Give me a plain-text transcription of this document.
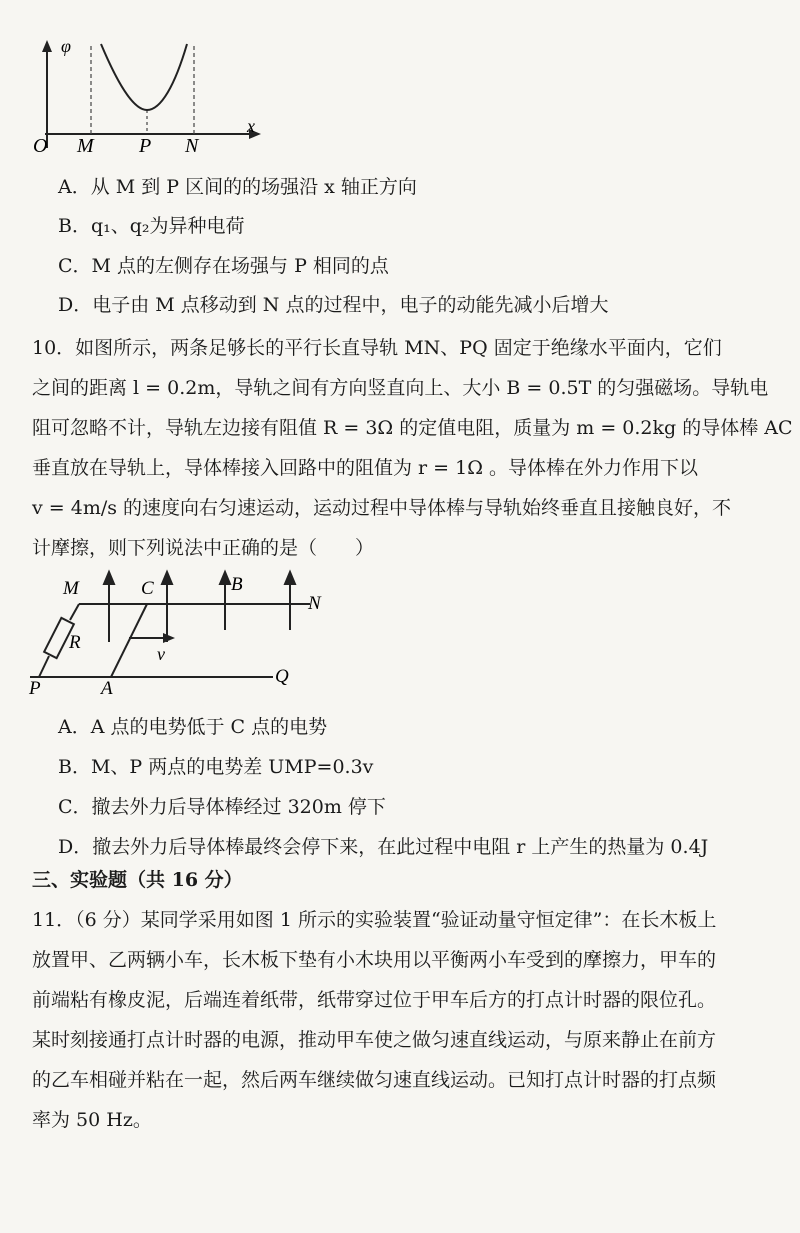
φ
x
O M P N
A．从 M 到 P 区间的的场强沿 x 轴正方向
B．q₁、q₂为异种电荷
C．M 点的左侧存在场强与 P 相同的点
D．电子由 M 点移动到 N 点的过程中，电子的动能先减小后增大
10．如图所示，两条足够长的平行长直导轨 MN、PQ 固定于绝缘水平面内，它们
之间的距离 l = 0.2m，导轨之间有方向竖直向上、大小 B = 0.5T 的匀强磁场。导轨电
阻可忽略不计，导轨左边接有阻值 R = 3Ω 的定值电阻，质量为 m = 0.2kg 的导体棒 AC
垂直放在导轨上，导体棒接入回路中的阻值为 r = 1Ω 。导体棒在外力作用下以
v = 4m/s 的速度向右匀速运动，运动过程中导体棒与导轨始终垂直且接触良好，不
计摩擦，则下列说法中正确的是（　　）
M	C	B
N
R
v
P	A
Q
A．A 点的电势低于 C 点的电势
B．M、P 两点的电势差 UMP=0.3v
C．撤去外力后导体棒经过 320m 停下
D．撤去外力后导体棒最终会停下来，在此过程中电阻 r 上产生的热量为 0.4J
三、实验题（共 16 分）
11．（6 分）某同学采用如图 1 所示的实验装置“验证动量守恒定律”：在长木板上
放置甲、乙两辆小车，长木板下垫有小木块用以平衡两小车受到的摩擦力，甲车的
前端粘有橡皮泥，后端连着纸带，纸带穿过位于甲车后方的打点计时器的限位孔。
某时刻接通打点计时器的电源，推动甲车使之做匀速直线运动，与原来静止在前方
的乙车相碰并粘在一起，然后两车继续做匀速直线运动。已知打点计时器的打点频
率为 50 Hz。
